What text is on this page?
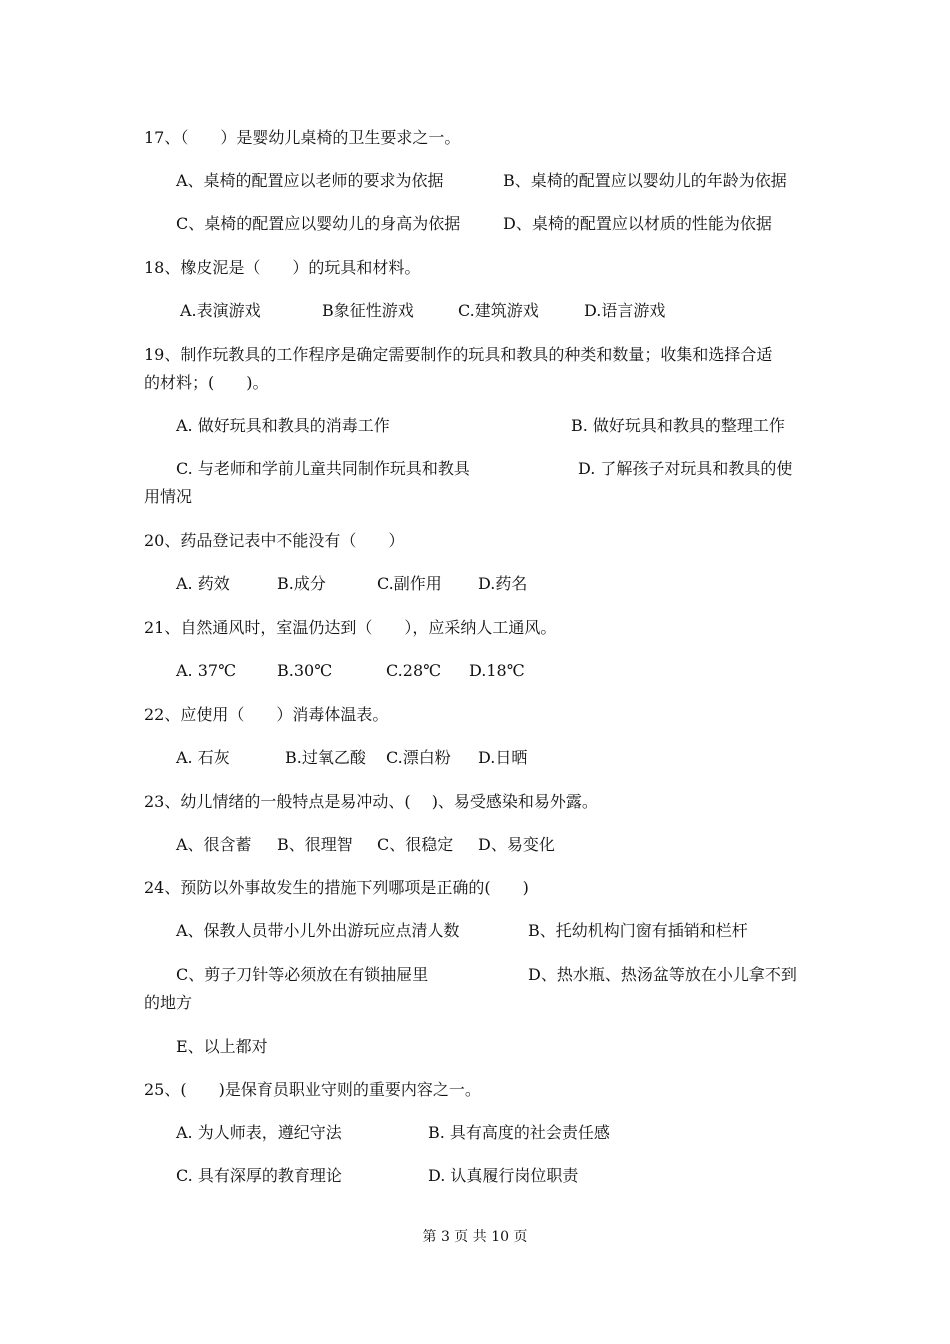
17、（　　）是婴幼儿桌椅的卫生要求之一。
A、桌椅的配置应以老师的要求为依据	B、桌椅的配置应以婴幼儿的年龄为依据
C、桌椅的配置应以婴幼儿的身高为依据	D、桌椅的配置应以材质的性能为依据
18、橡皮泥是（　　）的玩具和材料。
A.表演游戏	B象征性游戏	C.建筑游戏	D.语言游戏
19、制作玩教具的工作程序是确定需要制作的玩具和教具的种类和数量；收集和选择合适
的材料；(　　)。
A. 做好玩具和教具的消毒工作	B. 做好玩具和教具的整理工作
C. 与老师和学前儿童共同制作玩具和教具	D. 了解孩子对玩具和教具的使
用情况
20、药品登记表中不能没有（　　）
A. 药效	B.成分	C.副作用 D.药名
21、自然通风时，室温仍达到（　　），应采纳人工通风。
A. 37℃	B.30℃	C.28℃ D.18℃
22、应使用（　　）消毒体温表。
A. 石灰	B.过氧乙酸 C.漂白粉 D.日晒
23、幼儿情绪的一般特点是易冲动、(　 )、易受感染和易外露。
A、很含蓄 B、很理智 C、很稳定 D、易变化
24、预防以外事故发生的措施下列哪项是正确的(　　)
A、保教人员带小儿外出游玩应点清人数	B、托幼机构门窗有插销和栏杆
C、剪子刀针等必须放在有锁抽屉里	D、热水瓶、热汤盆等放在小儿拿不到
的地方
E、以上都对
25、(　　)是保育员职业守则的重要内容之一。
A. 为人师表，遵纪守法	B. 具有高度的社会责任感
C. 具有深厚的教育理论	D. 认真履行岗位职责
第 3 页 共 10 页
